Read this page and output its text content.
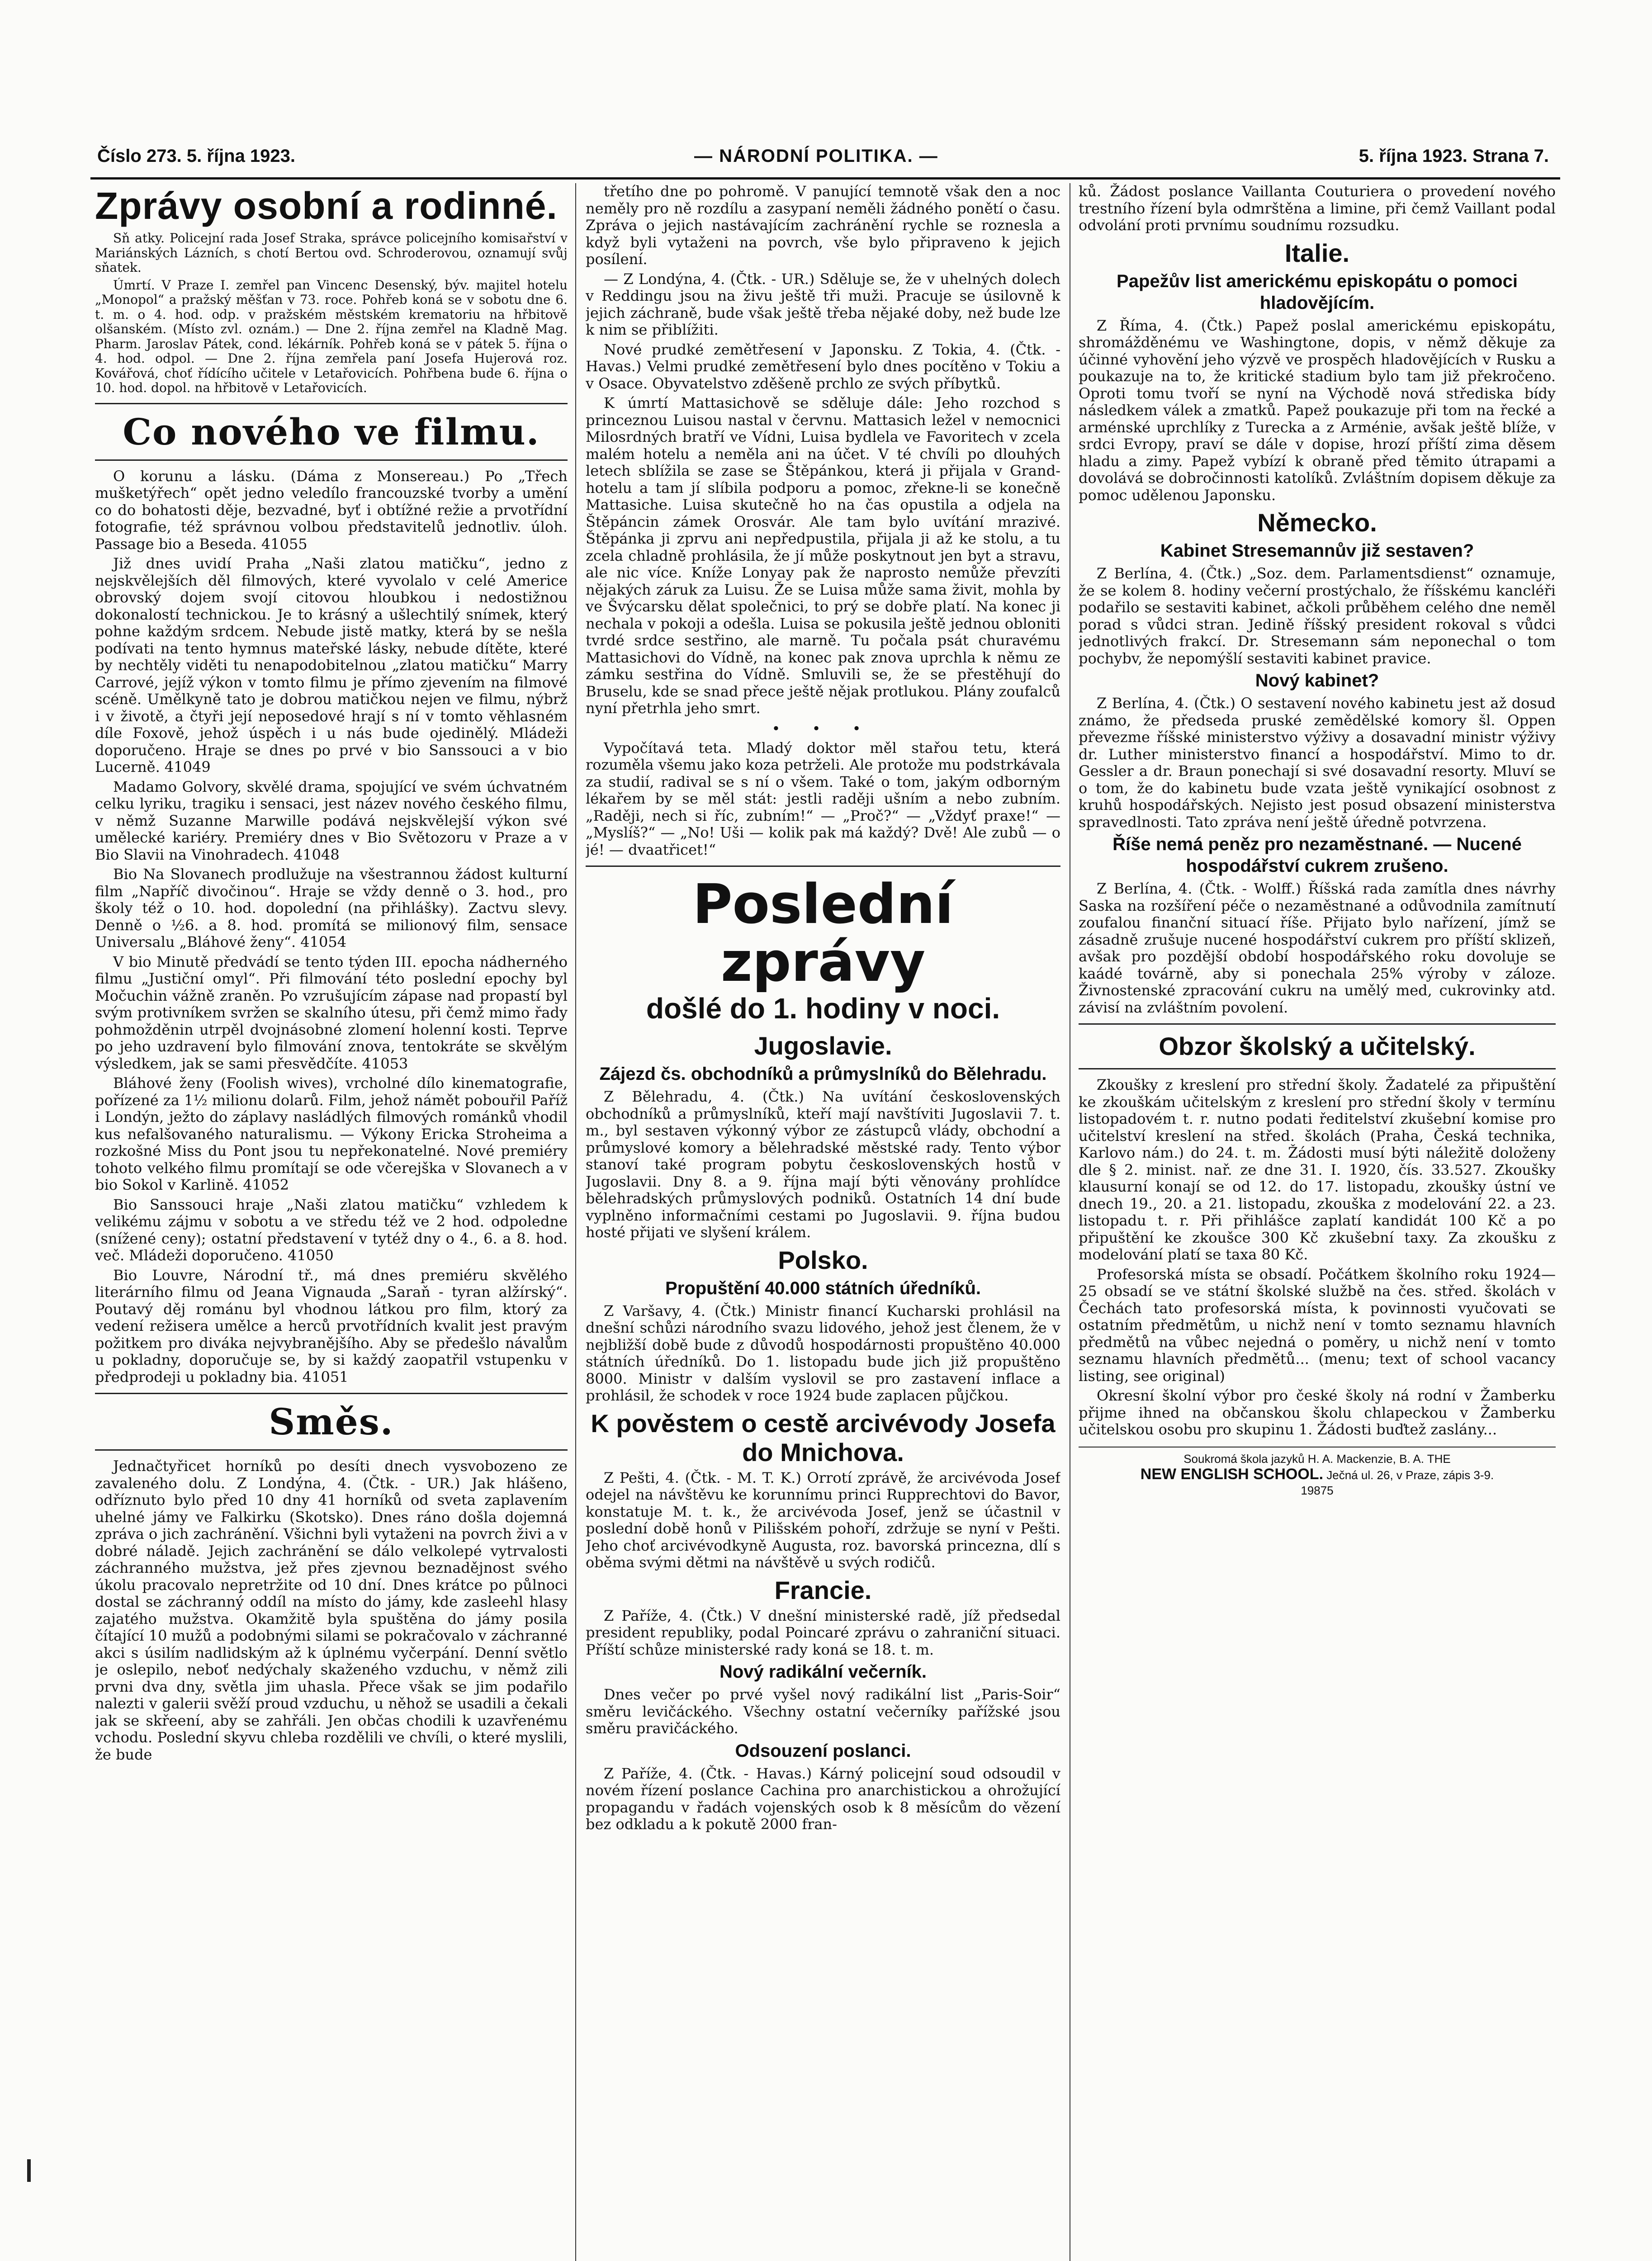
Číslo 273. 5. října 1923.	— NÁRODNÍ POLITIKA. —	5. října 1923. Strana 7.
Zprávy osobní a rodinné.

Sň atky. Policejní rada Josef Straka, správce policejního komisařství v Mariánských Lázních, s chotí Bertou ovd. Schroderovou, oznamují svůj sňatek.

Úmrtí. V Praze I. zemřel pan Vincenc Desenský, býv. majitel hotelu „Monopol“ a pražský měšťan v 73. roce. Pohřeb koná se v sobotu dne 6. t. m. o 4. hod. odp. v pražském městském krematoriu na hřbitově olšanském. (Místo zvl. oznám.) — Dne 2. října zemřel na Kladně Mag. Pharm. Jaroslav Pátek, cond. lékárník. Pohřeb koná se v pátek 5. října o 4. hod. odpol. — Dne 2. října zemřela paní Josefa Hujerová roz. Kovářová, choť řídícího učitele v Letařovicích. Pohřbena bude 6. října o 10. hod. dopol. na hřbitově v Letařovicích.

Co nového ve filmu.

O korunu a lásku. (Dáma z Monsereau.) Po „Třech mušketýřech“ opět jedno veledílo francouzské tvorby a umění co do bohatosti děje, bezvadné, byť i obtížné režie a prvotřídní fotografie, též správnou volbou představitelů jednotliv. úloh. Passage bio a Beseda. 41055

Již dnes uvidí Praha „Naši zlatou matičku“, jedno z nejskvělejších děl filmových, které vyvolalo v celé Americe obrovský dojem svojí citovou hloubkou i nedostižnou dokonalostí technickou. Je to krásný a ušlechtilý snímek, který pohne každým srdcem. Nebude jistě matky, která by se nešla podívati na tento hymnus mateřské lásky, nebude dítěte, které by nechtěly viděti tu nenapodobitelnou „zlatou matičku“ Marry Carrové, jejíž výkon v tomto filmu je přímo zjevením na filmové scéně. Umělkyně tato je dobrou matičkou nejen ve filmu, nýbrž i v životě, a čtyři její neposedové hrají s ní v tomto věhlasném díle Foxově, jehož úspěch i u nás bude ojedinělý. Mládeži doporučeno. Hraje se dnes po prvé v bio Sanssouci a v bio Lucerně. 41049

Madamo Golvory, skvělé drama, spojující ve svém úchvatném celku lyriku, tragiku i sensaci, jest název nového českého filmu, v němž Suzanne Marwille podává nejskvělejší výkon své umělecké kariéry. Premiéry dnes v Bio Světozoru v Praze a v Bio Slavii na Vinohradech. 41048

Bio Na Slovanech prodlužuje na všestrannou žádost kulturní film „Napříč divočinou“. Hraje se vždy denně o 3. hod., pro školy též o 10. hod. dopolední (na přihlášky). Zactvu slevy. Denně o ½6. a 8. hod. promítá se milionový film, sensace Universalu „Bláhové ženy“. 41054

V bio Minutě předvádí se tento týden III. epocha nádherného filmu „Justiční omyl“. Při filmování této poslední epochy byl Močuchin vážně zraněn. Po vzrušujícím zápase nad propastí byl svým protivníkem svržen se skalního útesu, při čemž mimo řady pohmožděnin utrpěl dvojnásobné zlomení holenní kosti. Teprve po jeho uzdravení bylo filmování znova, tentokráte se skvělým výsledkem, jak se sami přesvědčíte. 41053

Bláhové ženy (Foolish wives), vrcholné dílo kinematografie, pořízené za 1½ milionu dolarů. Film, jehož námět pobouřil Paříž i Londýn, ježto do záplavy nasládlých filmových románků vhodil kus nefalšovaného naturalismu. — Výkony Ericka Stroheima a rozkošné Miss du Pont jsou tu nepřekonatelné. Nové premiéry tohoto velkého filmu promítají se ode včerejška v Slovanech a v bio Sokol v Karlině. 41052

Bio Sanssouci hraje „Naši zlatou matičku“ vzhledem k velikému zájmu v sobotu a ve středu též ve 2 hod. odpoledne (snížené ceny); ostatní představení v tytéž dny o 4., 6. a 8. hod. več. Mládeži doporučeno. 41050

Bio Louvre, Národní tř., má dnes premiéru skvělého literárního filmu od Jeana Vignauda „Saraň - tyran alžírský“. Poutavý děj románu byl vhodnou látkou pro film, ktorý za vedení režisera umělce a herců prvotřídních kvalit jest pravým požitkem pro diváka nejvybranějšího. Aby se předešlo návalům u pokladny, doporučuje se, by si každý zaopatřil vstupenku v předprodeji u pokladny bia. 41051

Směs.

Jednačtyřicet horníků po desíti dnech vysvobozeno ze zavaleného dolu. Z Londýna, 4. (Čtk. - UR.) Jak hlášeno, odříznuto bylo před 10 dny 41 horníků od sveta zaplavením uhelné jámy ve Falkirku (Skotsko). Dnes ráno došla dojemná zpráva o jich zachránění. Všichni byli vytaženi na povrch živi a v dobré náladě. Jejich zachránění se dálo velkolepé vytrvalosti záchranného mužstva, jež přes zjevnou beznadějnost svého úkolu pracovalo nepretržite od 10 dní. Dnes krátce po půlnoci dostal se záchranný oddíl na místo do jámy, kde zasleehl hlasy zajatého mužstva. Okamžitě byla spuštěna do jámy posila čítající 10 mužů a podobnými silami se pokračovalo v záchranné akci s úsilím nadlidským až k úplnému vyčerpání. Denní světlo je oslepilo, neboť nedýchaly skaženého vzduchu, v němž zili prvni dva dny, světla jim uhasla. Přece však se jim podařilo nalezti v galerii svěží proud vzduchu, u něhož se usadili a čekali jak se skřeení, aby se zahřáli. Jen občas chodili k uzavřenému vchodu. Poslední skyvu chleba rozdělili ve chvíli, o které myslili, že bude

třetího dne po pohromě. V panující temnotě však den a noc neměly pro ně rozdílu a zasypaní neměli žádného ponětí o času. Zpráva o jejich nastávajícím zachránění rychle se roznesla a když byli vytaženi na povrch, vše bylo připraveno k jejich posílení.

— Z Londýna, 4. (Čtk. - UR.) Sděluje se, že v uhelných dolech v Reddingu jsou na živu ještě tři muži. Pracuje se úsilovně k jejich záchraně, bude však ještě třeba nějaké doby, než bude lze k nim se přiblížiti.

Nové prudké zemětřesení v Japonsku. Z Tokia, 4. (Čtk. - Havas.) Velmi prudké zemětřesení bylo dnes pocítěno v Tokiu a v Osace. Obyvatelstvo zděšeně prchlo ze svých příbytků.

K úmrtí Mattasichově se sděluje dále: Jeho rozchod s princeznou Luisou nastal v červnu. Mattasich ležel v nemocnici Milosrdných bratří ve Vídni, Luisa bydlela ve Favoritech v zcela malém hotelu a neměla ani na účet. V té chvíli po dlouhých letech sblížila se zase se Štěpánkou, která ji přijala v Grand-hotelu a tam jí slíbila podporu a pomoc, zřekne-li se konečně Mattasiche. Luisa skutečně ho na čas opustila a odjela na Štěpáncin zámek Orosvár. Ale tam bylo uvítání mrazivé. Štěpánka ji zprvu ani nepředpustila, přijala ji až ke stolu, a tu zcela chladně prohlásila, že jí může poskytnout jen byt a stravu, ale nic více. Kníže Lonyay pak že naprosto nemůže převzíti nějakých záruk za Luisu. Že se Luisa může sama živit, mohla by ve Švýcarsku dělat společnici, to prý se dobře platí. Na konec ji nechala v pokoji a odešla. Luisa se pokusila ještě jednou obloniti tvrdé srdce sestřino, ale marně. Tu počala psát churavému Mattasichovi do Vídně, na konec pak znova uprchla k němu ze zámku sestřina do Vídně. Smluvili se, že se přestěhují do Bruselu, kde se snad přece ještě nějak protlukou. Plány zoufalců nyní přetrhla jeho smrt.

• • •

Vypočítavá teta. Mladý doktor měl stařou tetu, která rozuměla všemu jako koza petrželi. Ale protože mu podstrkávala za studií, radival se s ní o všem. Také o tom, jakým odborným lékařem by se měl stát: jestli raději ušním a nebo zubním. „Raději, nech si říc, zubním!“ — „Proč?“ — „Vždyť praxe!“ — „Myslíš?“ — „No! Uši — kolik pak má každý? Dvě! Ale zubů — o jé! — dvaatřicet!“

Poslední zprávy
došlé do 1. hodiny v noci.
Jugoslavie.
Zájezd čs. obchodníků a průmyslníků do Bělehradu.

Z Bělehradu, 4. (Čtk.) Na uvítání československých obchodníků a průmyslníků, kteří mají navštíviti Jugoslavii 7. t. m., byl sestaven výkonný výbor ze zástupců vlády, obchodní a průmyslové komory a bělehradské městské rady. Tento výbor stanoví také program pobytu československých hostů v Jugoslavii. Dny 8. a 9. října mají býti věnovány prohlídce bělehradských průmyslových podniků. Ostatních 14 dní bude vyplněno informačními cestami po Jugoslavii. 9. října budou hosté přijati ve slyšení králem.

Polsko.
Propuštění 40.000 státních úředníků.

Z Varšavy, 4. (Čtk.) Ministr financí Kucharski prohlásil na dnešní schůzi národního svazu lidového, jehož jest členem, že v nejbližší době bude z důvodů hospodárnosti propuštěno 40.000 státních úředníků. Do 1. listopadu bude jich již propuštěno 8000. Ministr v dalším vyslovil se pro zastavení inflace a prohlásil, že schodek v roce 1924 bude zaplacen půjčkou.

K pověstem o cestě arcivévody Josefa do Mnichova.

Z Pešti, 4. (Čtk. - M. T. K.) Orrotí zprávě, že arcivévoda Josef odejel na návštěvu ke korunnímu princi Rupprechtovi do Bavor, konstatuje M. t. k., že arcivévoda Josef, jenž se účastnil v poslední době honů v Pilišském pohoří, zdržuje se nyní v Pešti. Jeho choť arcivévodkyně Augusta, roz. bavorská princezna, dlí s oběma svými dětmi na návštěvě u svých rodičů.

Francie.

Z Paříže, 4. (Čtk.) V dnešní ministerské radě, jíž předsedal president republiky, podal Poincaré zprávu o zahraniční situaci. Příští schůze ministerské rady koná se 18. t. m.

Nový radikální večerník.

Dnes večer po prvé vyšel nový radikální list „Paris-Soir“ směru levičáckého. Všechny ostatní večerníky pařížské jsou směru pravičáckého.

Odsouzení poslanci.

Z Paříže, 4. (Čtk. - Havas.) Kárný policejní soud odsoudil v novém řízení poslance Cachina pro anarchistickou a ohrožující propagandu v řadách vojenských osob k 8 měsícům do vězení bez odkladu a k pokutě 2000 fran-

ků. Žádost poslance Vaillanta Couturiera o provedení nového trestního řízení byla odmrštěna a limine, při čemž Vaillant podal odvolání proti prvnímu soudnímu rozsudku.

Italie.
Papežův list americkému episkopátu o pomoci hladovějícím.

Z Říma, 4. (Čtk.) Papež poslal americkému episkopátu, shromážděnému ve Washingtone, dopis, v němž děkuje za účinné vyhovění jeho výzvě ve prospěch hladovějících v Rusku a poukazuje na to, že kritické stadium bylo tam již překročeno. Oproti tomu tvoří se nyní na Východě nová střediska bídy následkem válek a zmatků. Papež poukazuje při tom na řecké a arménské uprchlíky z Turecka a z Arménie, avšak ještě blíže, v srdci Evropy, praví se dále v dopise, hrozí příští zima děsem hladu a zimy. Papež vybízí k obraně před těmito útrapami a dovolává se dobročinnosti katolíků. Zvláštním dopisem děkuje za pomoc udělenou Japonsku.

Německo.
Kabinet Stresemannův již sestaven?

Z Berlína, 4. (Čtk.) „Soz. dem. Parlamentsdienst“ oznamuje, že se kolem 8. hodiny večerní prostýchalo, že říšskému kancléři podařilo se sestaviti kabinet, ačkoli průběhem celého dne neměl porad s vůdci stran. Jedině říšský president rokoval s vůdci jednotlivých frakcí. Dr. Stresemann sám neponechal o tom pochybv, že nepomýšlí sestaviti kabinet pravice.

Nový kabinet?

Z Berlína, 4. (Čtk.) O sestavení nového kabinetu jest až dosud známo, že předseda pruské zemědělské komory šl. Oppen převezme říšské ministerstvo výživy a dosavadní ministr výživy dr. Luther ministerstvo financí a hospodářství. Mimo to dr. Gessler a dr. Braun ponechají si své dosavadní resorty. Mluví se o tom, že do kabinetu bude vzata ještě vynikající osobnost z kruhů hospodářských. Nejisto jest posud obsazení ministerstva spravedlnosti. Tato zpráva není ještě úředně potvrzena.

Říše nemá peněz pro nezaměstnané. — Nucené hospodářství cukrem zrušeno.

Z Berlína, 4. (Čtk. - Wolff.) Říšská rada zamítla dnes návrhy Saska na rozšíření péče o nezaměstnané a odůvodnila zamítnutí zoufalou finanční situací říše. Přijato bylo nařízení, jímž se zásadně zrušuje nucené hospodářství cukrem pro příští sklizeň, avšak pro pozdější období hospodářského roku dovoluje se kaádé továrně, aby si ponechala 25% výroby v záloze. Živnostenské zpracování cukru na umělý med, cukrovinky atd. závisí na zvláštním povolení.

Obzor školský a učitelský.

Zkoušky z kreslení pro střední školy. Žadatelé za připuštění ke zkouškám učitelským z kreslení pro střední školy v termínu listopadovém t. r. nutno podati ředitelství zkušební komise pro učitelství kreslení na střed. školách (Praha, Česká technika, Karlovo nám.) do 24. t. m. Žádosti musí býti náležitě doloženy dle § 2. minist. nař. ze dne 31. I. 1920, čís. 33.527. Zkoušky klausurní konají se od 12. do 17. listopadu, zkoušky ústní ve dnech 19., 20. a 21. listopadu, zkouška z modelování 22. a 23. listopadu t. r. Při přihlášce zaplatí kandidát 100 Kč a po připuštění ke zkoušce 300 Kč zkušební taxy. Za zkoušku z modelování platí se taxa 80 Kč.

Profesorská místa se obsadí. Počátkem školního roku 1924—25 obsadí se ve státní školské službě na čes. střed. školách v Čechách tato profesorská místa, k povinnosti vyučovati se ostatním předmětům, u nichž není v tomto seznamu hlavních předmětů na vůbec nejedná o poměry, u nichž není v tomto seznamu hlavních předmětů... (menu; text of school vacancy listing, see original)

Okresní školní výbor pro české školy ná rodní v Žamberku přijme ihned na občanskou školu chlapeckou v Žamberku učitelskou osobu pro skupinu 1. Žádosti buďtež zaslány...

Soukromá škola jazyků H. A. Mackenzie, B. A. THE
NEW ENGLISH SCHOOL. Ječná ul. 26, v Praze, zápis 3-9.
19875
